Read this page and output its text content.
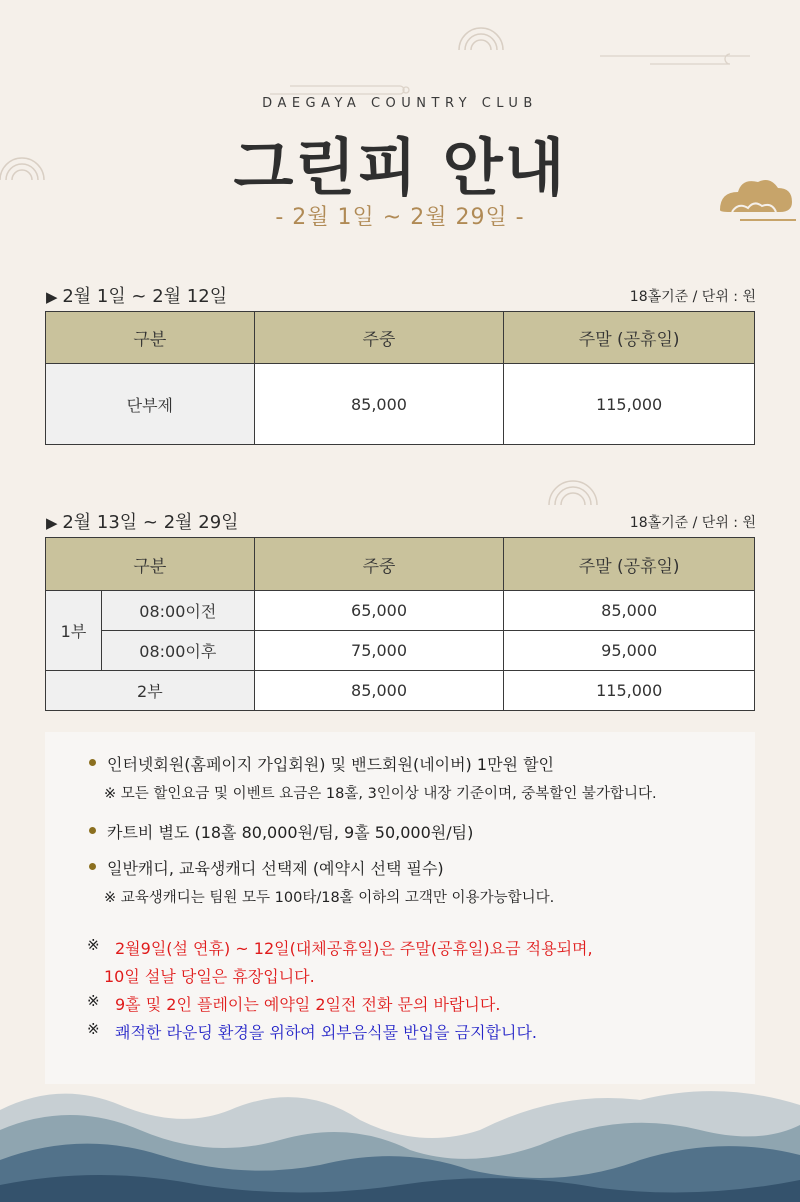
DAEGAYA COUNTRY CLUB
그린피 안내
- 2월 1일 ~ 2월 29일 -
▶ 2월 1일 ~ 2월 12일	18홀기준 / 단위 : 원
구분	주중	주말 (공휴일)
단부제	85,000	115,000
▶ 2월 13일 ~ 2월 29일	18홀기준 / 단위 : 원
구분		주중	주말 (공휴일)
1부	08:00이전	65,000	85,000
	08:00이후	75,000	95,000
2부		85,000	115,000
인터넷회원(홈페이지 가입회원) 및 밴드회원(네이버) 1만원 할인
※ 모든 할인요금 및 이벤트 요금은 18홀, 3인이상 내장 기준이며, 중복할인 불가합니다.
카트비 별도 (18홀 80,000원/팀, 9홀 50,000원/팀)
일반캐디, 교육생캐디 선택제 (예약시 선택 필수)
※ 교육생캐디는 팀원 모두 100타/18홀 이하의 고객만 이용가능합니다.
※ 2월9일(설 연휴) ~ 12일(대체공휴일)은 주말(공휴일)요금 적용되며,
10일 설날 당일은 휴장입니다.
※ 9홀 및 2인 플레이는 예약일 2일전 전화 문의 바랍니다.
※ 쾌적한 라운딩 환경을 위하여 외부음식물 반입을 금지합니다.
